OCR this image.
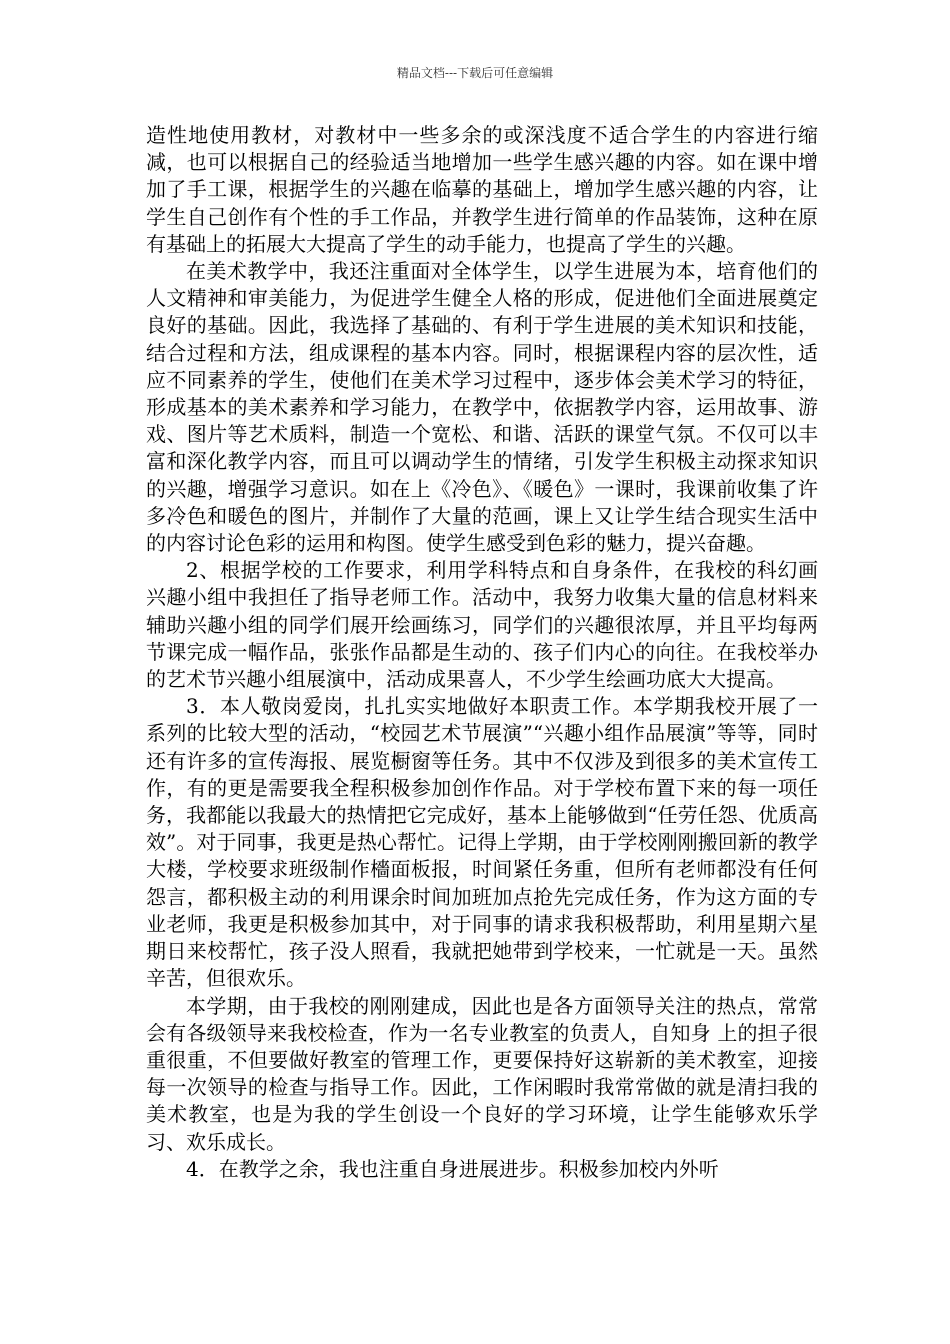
精品文档---下载后可任意编辑

造性地使用教材，对教材中一些多余的或深浅度不适合学生的内容进行缩减，也可以根据自己的经验适当地增加一些学生感兴趣的内容。如在课中增加了手工课，根据学生的兴趣在临摹的基础上，增加学生感兴趣的内容，让学生自己创作有个性的手工作品，并教学生进行简单的作品装饰，这种在原有基础上的拓展大大提高了学生的动手能力，也提高了学生的兴趣。

在美术教学中，我还注重面对全体学生，以学生进展为本，培育他们的人文精神和审美能力，为促进学生健全人格的形成，促进他们全面进展奠定良好的基础。因此，我选择了基础的、有利于学生进展的美术知识和技能，结合过程和方法，组成课程的基本内容。同时，根据课程内容的层次性，适应不同素养的学生，使他们在美术学习过程中，逐步体会美术学习的特征，形成基本的美术素养和学习能力，在教学中，依据教学内容，运用故事、游戏、图片等艺术质料，制造一个宽松、和谐、活跃的课堂气氛。不仅可以丰富和深化教学内容，而且可以调动学生的情绪，引发学生积极主动探求知识的兴趣，增强学习意识。如在上《冷色》、《暖色》一课时，我课前收集了许多冷色和暖色的图片，并制作了大量的范画，课上又让学生结合现实生活中的内容讨论色彩的运用和构图。使学生感受到色彩的魅力，提兴奋趣。

2、根据学校的工作要求，利用学科特点和自身条件，在我校的科幻画兴趣小组中我担任了指导老师工作。活动中，我努力收集大量的信息材料来辅助兴趣小组的同学们展开绘画练习，同学们的兴趣很浓厚，并且平均每两节课完成一幅作品，张张作品都是生动的、孩子们内心的向往。在我校举办的艺术节兴趣小组展演中，活动成果喜人，不少学生绘画功底大大提高。

3．本人敬岗爱岗，扎扎实实地做好本职责工作。本学期我校开展了一系列的比较大型的活动，“校园艺术节展演”“兴趣小组作品展演”等等，同时还有许多的宣传海报、展览橱窗等任务。其中不仅涉及到很多的美术宣传工作，有的更是需要我全程积极参加创作作品。对于学校布置下来的每一项任务，我都能以我最大的热情把它完成好，基本上能够做到“任劳任怨、优质高效”。对于同事，我更是热心帮忙。记得上学期，由于学校刚刚搬回新的教学大楼，学校要求班级制作檣面板报，时间紧任务重，但所有老师都没有任何怨言，都积极主动的利用课余时间加班加点抢先完成任务，作为这方面的专业老师，我更是积极参加其中，对于同事的请求我积极帮助，利用星期六星期日来校帮忙，孩子没人照看，我就把她带到学校来，一忙就是一天。虽然辛苦，但很欢乐。

本学期，由于我校的刚刚建成，因此也是各方面领导关注的热点，常常会有各级领导来我校检查，作为一名专业教室的负责人，自知身 上的担子很重很重，不但要做好教室的管理工作，更要保持好这崭新的美术教室，迎接每一次领导的检查与指导工作。因此，工作闲暇时我常常做的就是清扫我的美术教室，也是为我的学生创设一个良好的学习环境，让学生能够欢乐学习、欢乐成长。

4．在教学之余，我也注重自身进展进步。积极参加校内外听
